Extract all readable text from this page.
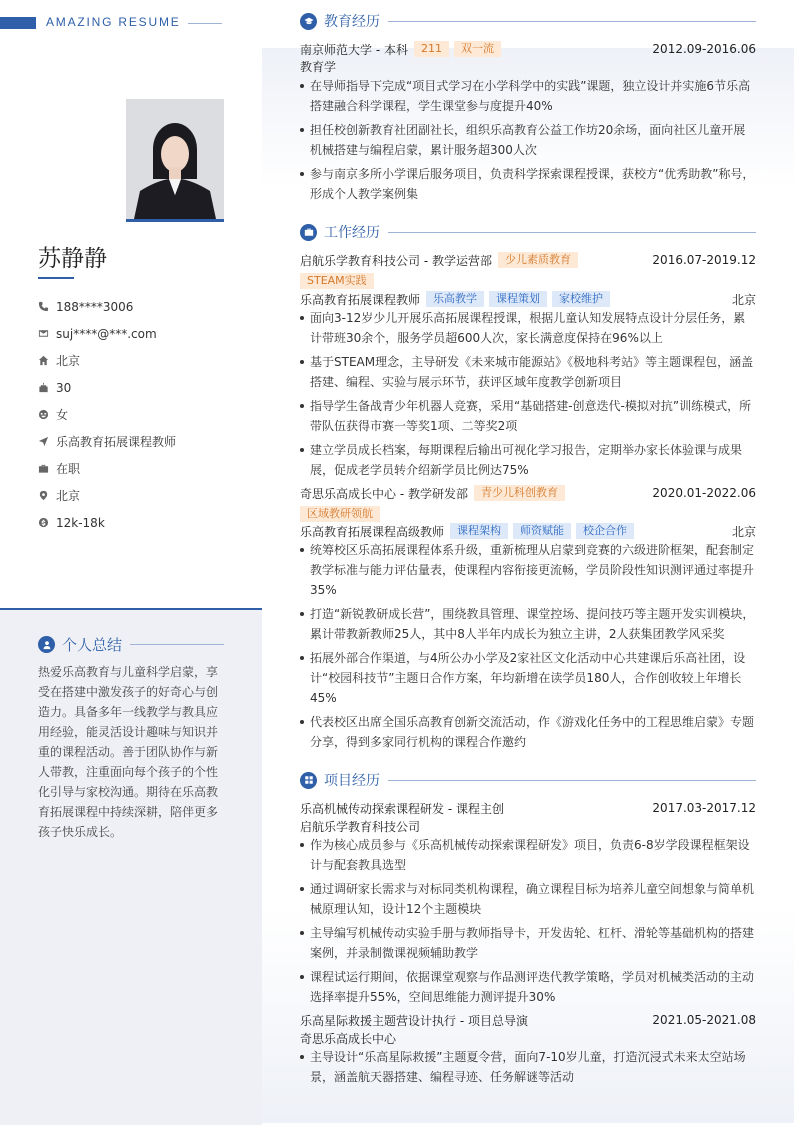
AMAZING RESUME
苏静静
188****3006
suj****@***.com
北京
30
女
乐高教育拓展课程教师
在职
北京
12k-18k
个人总结
热爱乐高教育与儿童科学启蒙，享受在搭建中激发孩子的好奇心与创造力。具备多年一线教学与教具应用经验，能灵活设计趣味与知识并重的课程活动。善于团队协作与新人带教，注重面向每个孩子的个性化引导与家校沟通。期待在乐高教育拓展课程中持续深耕，陪伴更多孩子快乐成长。
教育经历
南京师范大学 - 本科	211	双一流	2012.09-2016.06
教育学
在导师指导下完成“项目式学习在小学科学中的实践”课题，独立设计并实施6节乐高搭建融合科学课程，学生课堂参与度提升40%
担任校创新教育社团副社长，组织乐高教育公益工作坊20余场，面向社区儿童开展机械搭建与编程启蒙，累计服务超300人次
参与南京多所小学课后服务项目，负责科学探索课程授课，获校方“优秀助教”称号，形成个人教学案例集
工作经历
启航乐学教育科技公司 - 教学运营部	少儿素质教育	2016.07-2019.12
STEAM实践
乐高教育拓展课程教师	乐高教学	课程策划	家校维护	北京
面向3-12岁少儿开展乐高拓展课程授课，根据儿童认知发展特点设计分层任务，累计带班30余个，服务学员超600人次，家长满意度保持在96%以上
基于STEAM理念，主导研发《未来城市能源站》《极地科考站》等主题课程包，涵盖搭建、编程、实验与展示环节，获评区域年度教学创新项目
指导学生备战青少年机器人竞赛，采用“基础搭建-创意迭代-模拟对抗”训练模式，所带队伍获得市赛一等奖1项、二等奖2项
建立学员成长档案，每期课程后输出可视化学习报告，定期举办家长体验课与成果展，促成老学员转介绍新学员比例达75%
奇思乐高成长中心 - 教学研发部	青少儿科创教育	2020.01-2022.06
区域教研领航
乐高教育拓展课程高级教师	课程架构	师资赋能	校企合作	北京
统筹校区乐高拓展课程体系升级，重新梳理从启蒙到竞赛的六级进阶框架，配套制定教学标准与能力评估量表，使课程内容衔接更流畅，学员阶段性知识测评通过率提升35%
打造“新锐教研成长营”，围绕教具管理、课堂控场、提问技巧等主题开发实训模块，累计带教新教师25人，其中8人半年内成长为独立主讲，2人获集团教学风采奖
拓展外部合作渠道，与4所公办小学及2家社区文化活动中心共建课后乐高社团，设计“校园科技节”主题日合作方案，年均新增在读学员180人，合作创收较上年增长45%
代表校区出席全国乐高教育创新交流活动，作《游戏化任务中的工程思维启蒙》专题分享，得到多家同行机构的课程合作邀约
项目经历
乐高机械传动探索课程研发 - 课程主创	2017.03-2017.12
启航乐学教育科技公司
作为核心成员参与《乐高机械传动探索课程研发》项目，负责6-8岁学段课程框架设计与配套教具选型
通过调研家长需求与对标同类机构课程，确立课程目标为培养儿童空间想象与简单机械原理认知，设计12个主题模块
主导编写机械传动实验手册与教师指导卡，开发齿轮、杠杆、滑轮等基础机构的搭建案例，并录制微课视频辅助教学
课程试运行期间，依据课堂观察与作品测评迭代教学策略，学员对机械类活动的主动选择率提升55%，空间思维能力测评提升30%
乐高星际救援主题营设计执行 - 项目总导演	2021.05-2021.08
奇思乐高成长中心
主导设计“乐高星际救援”主题夏令营，面向7-10岁儿童，打造沉浸式未来太空站场景，涵盖航天器搭建、编程寻迹、任务解谜等活动
